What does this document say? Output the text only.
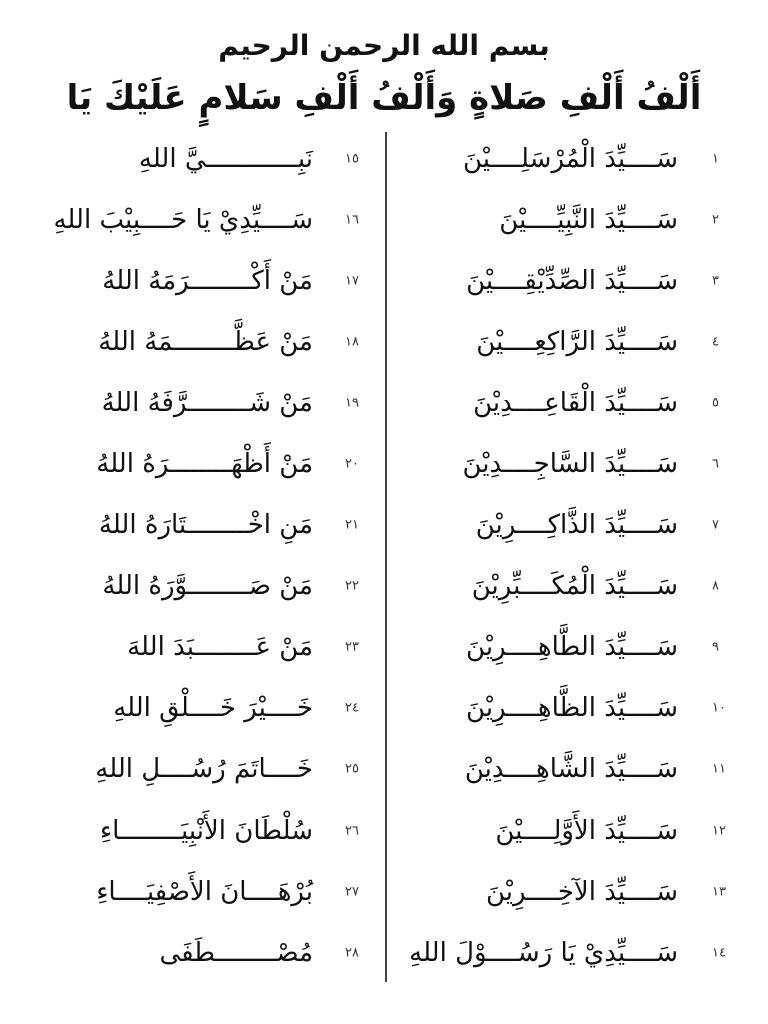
بسم الله الرحمن الرحيم
أَلْفُ أَلْفِ صَلاةٍ وَأَلْفُ أَلْفِ سَلامٍ عَلَيْكَ يَا
سَــــيِّدَ الْمُرْسَلِــــيْنَ	١
سَــــيِّدَ النَّبِيِّــــيْنَ	٢
سَــــيِّدَ الصِّدِّيْقِــــيْنَ	٣
سَــــيِّدَ الرَّاكِعِــــيْنَ	٤
سَــــيِّدَ الْقَاعِــــدِيْنَ	٥
سَــــيِّدَ السَّاجِــــدِيْنَ	٦
سَــــيِّدَ الذَّاكِــــرِيْنَ	٧
سَــــيِّدَ الْمُكَــــبِّرِيْنَ	٨
سَــــيِّدَ الطَّاهِــــرِيْنَ	٩
سَــــيِّدَ الظَّاهِــــرِيْنَ	١٠
سَــــيِّدَ الشَّاهِــــدِيْنَ	١١
سَــــيِّدَ الأَوَّلِــــيْنَ	١٢
سَــــيِّدَ الآخِــــرِيْنَ	١٣
سَــــيِّدِيْ يَا رَسُــــوْلَ اللهِ	١٤
نَبِــــــــــــيَّ اللهِ ١٥
سَــــيِّدِيْ يَا حَــــبِيْبَ اللهِ ١٦
مَنْ أَكْــــــــرَمَهُ اللهُ ١٧
مَنْ عَظَّــــــــمَهُ اللهُ ١٨
مَنْ شَــــــــرَّفَهُ اللهُ ١٩
مَنْ أَظْهَــــــــرَهُ اللهُ ٢٠
مَنِ اخْــــــــتَارَهُ اللهُ ٢١
مَنْ صَــــــــوَّرَهُ اللهُ ٢٢
مَنْ عَــــــــبَدَ اللهَ ٢٣
خَــــيْرَ خَــــلْقِ اللهِ ٢٤
خَــــاتَمَ رُسُــــلِ اللهِ ٢٥
سُلْطَانَ الأَنْبِيَــــــــاءِ ٢٦
بُرْهَــــانَ الأَصْفِيَــــاءِ ٢٧
مُصْــــــــطَفَى ٢٨
